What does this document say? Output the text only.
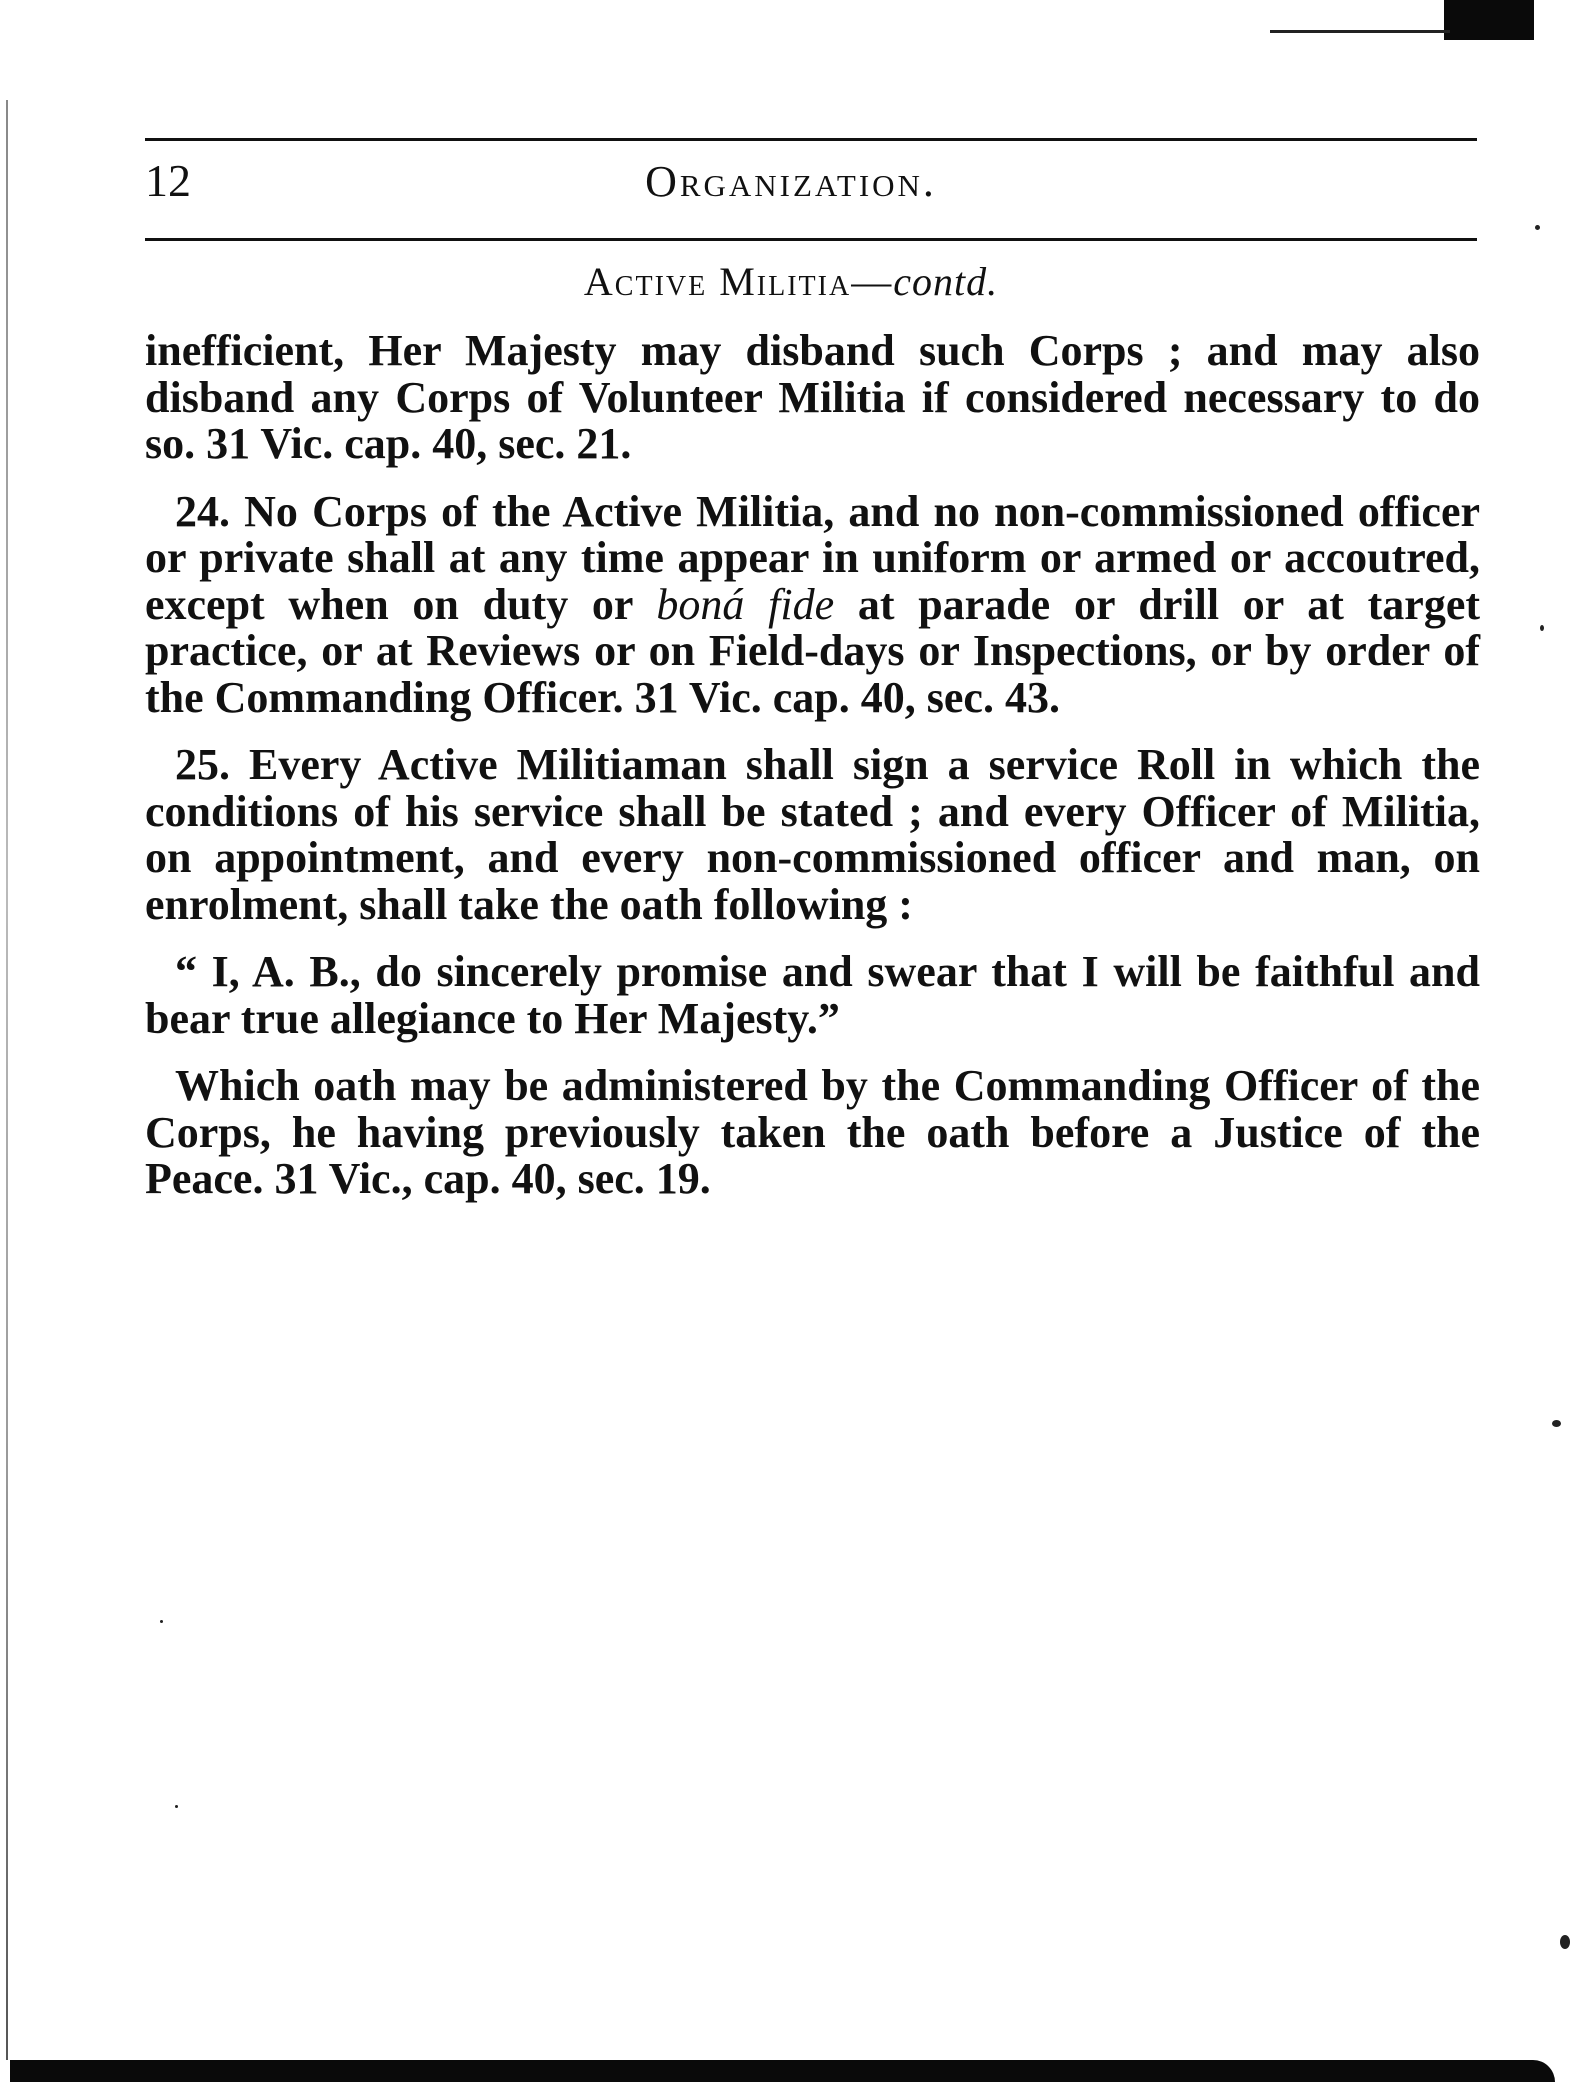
12	Organization.
Active Militia—contd.

inefficient, Her Majesty may disband such Corps ; and may also disband any Corps of Volunteer Militia if considered necessary to do so. 31 Vic. cap. 40, sec. 21.

24. No Corps of the Active Militia, and no non-commissioned officer or private shall at any time appear in uniform or armed or accoutred, except when on duty or boná fide at parade or drill or at target practice, or at Reviews or on Field-days or Inspections, or by order of the Commanding Officer. 31 Vic. cap. 40, sec. 43.

25. Every Active Militiaman shall sign a service Roll in which the conditions of his service shall be stated ; and every Officer of Militia, on appointment, and every non-commissioned officer and man, on enrolment, shall take the oath following :

“ I, A. B., do sincerely promise and swear that I will be faithful and bear true allegiance to Her Majesty.”

Which oath may be administered by the Commanding Officer of the Corps, he having previously taken the oath before a Justice of the Peace. 31 Vic., cap. 40, sec. 19.
